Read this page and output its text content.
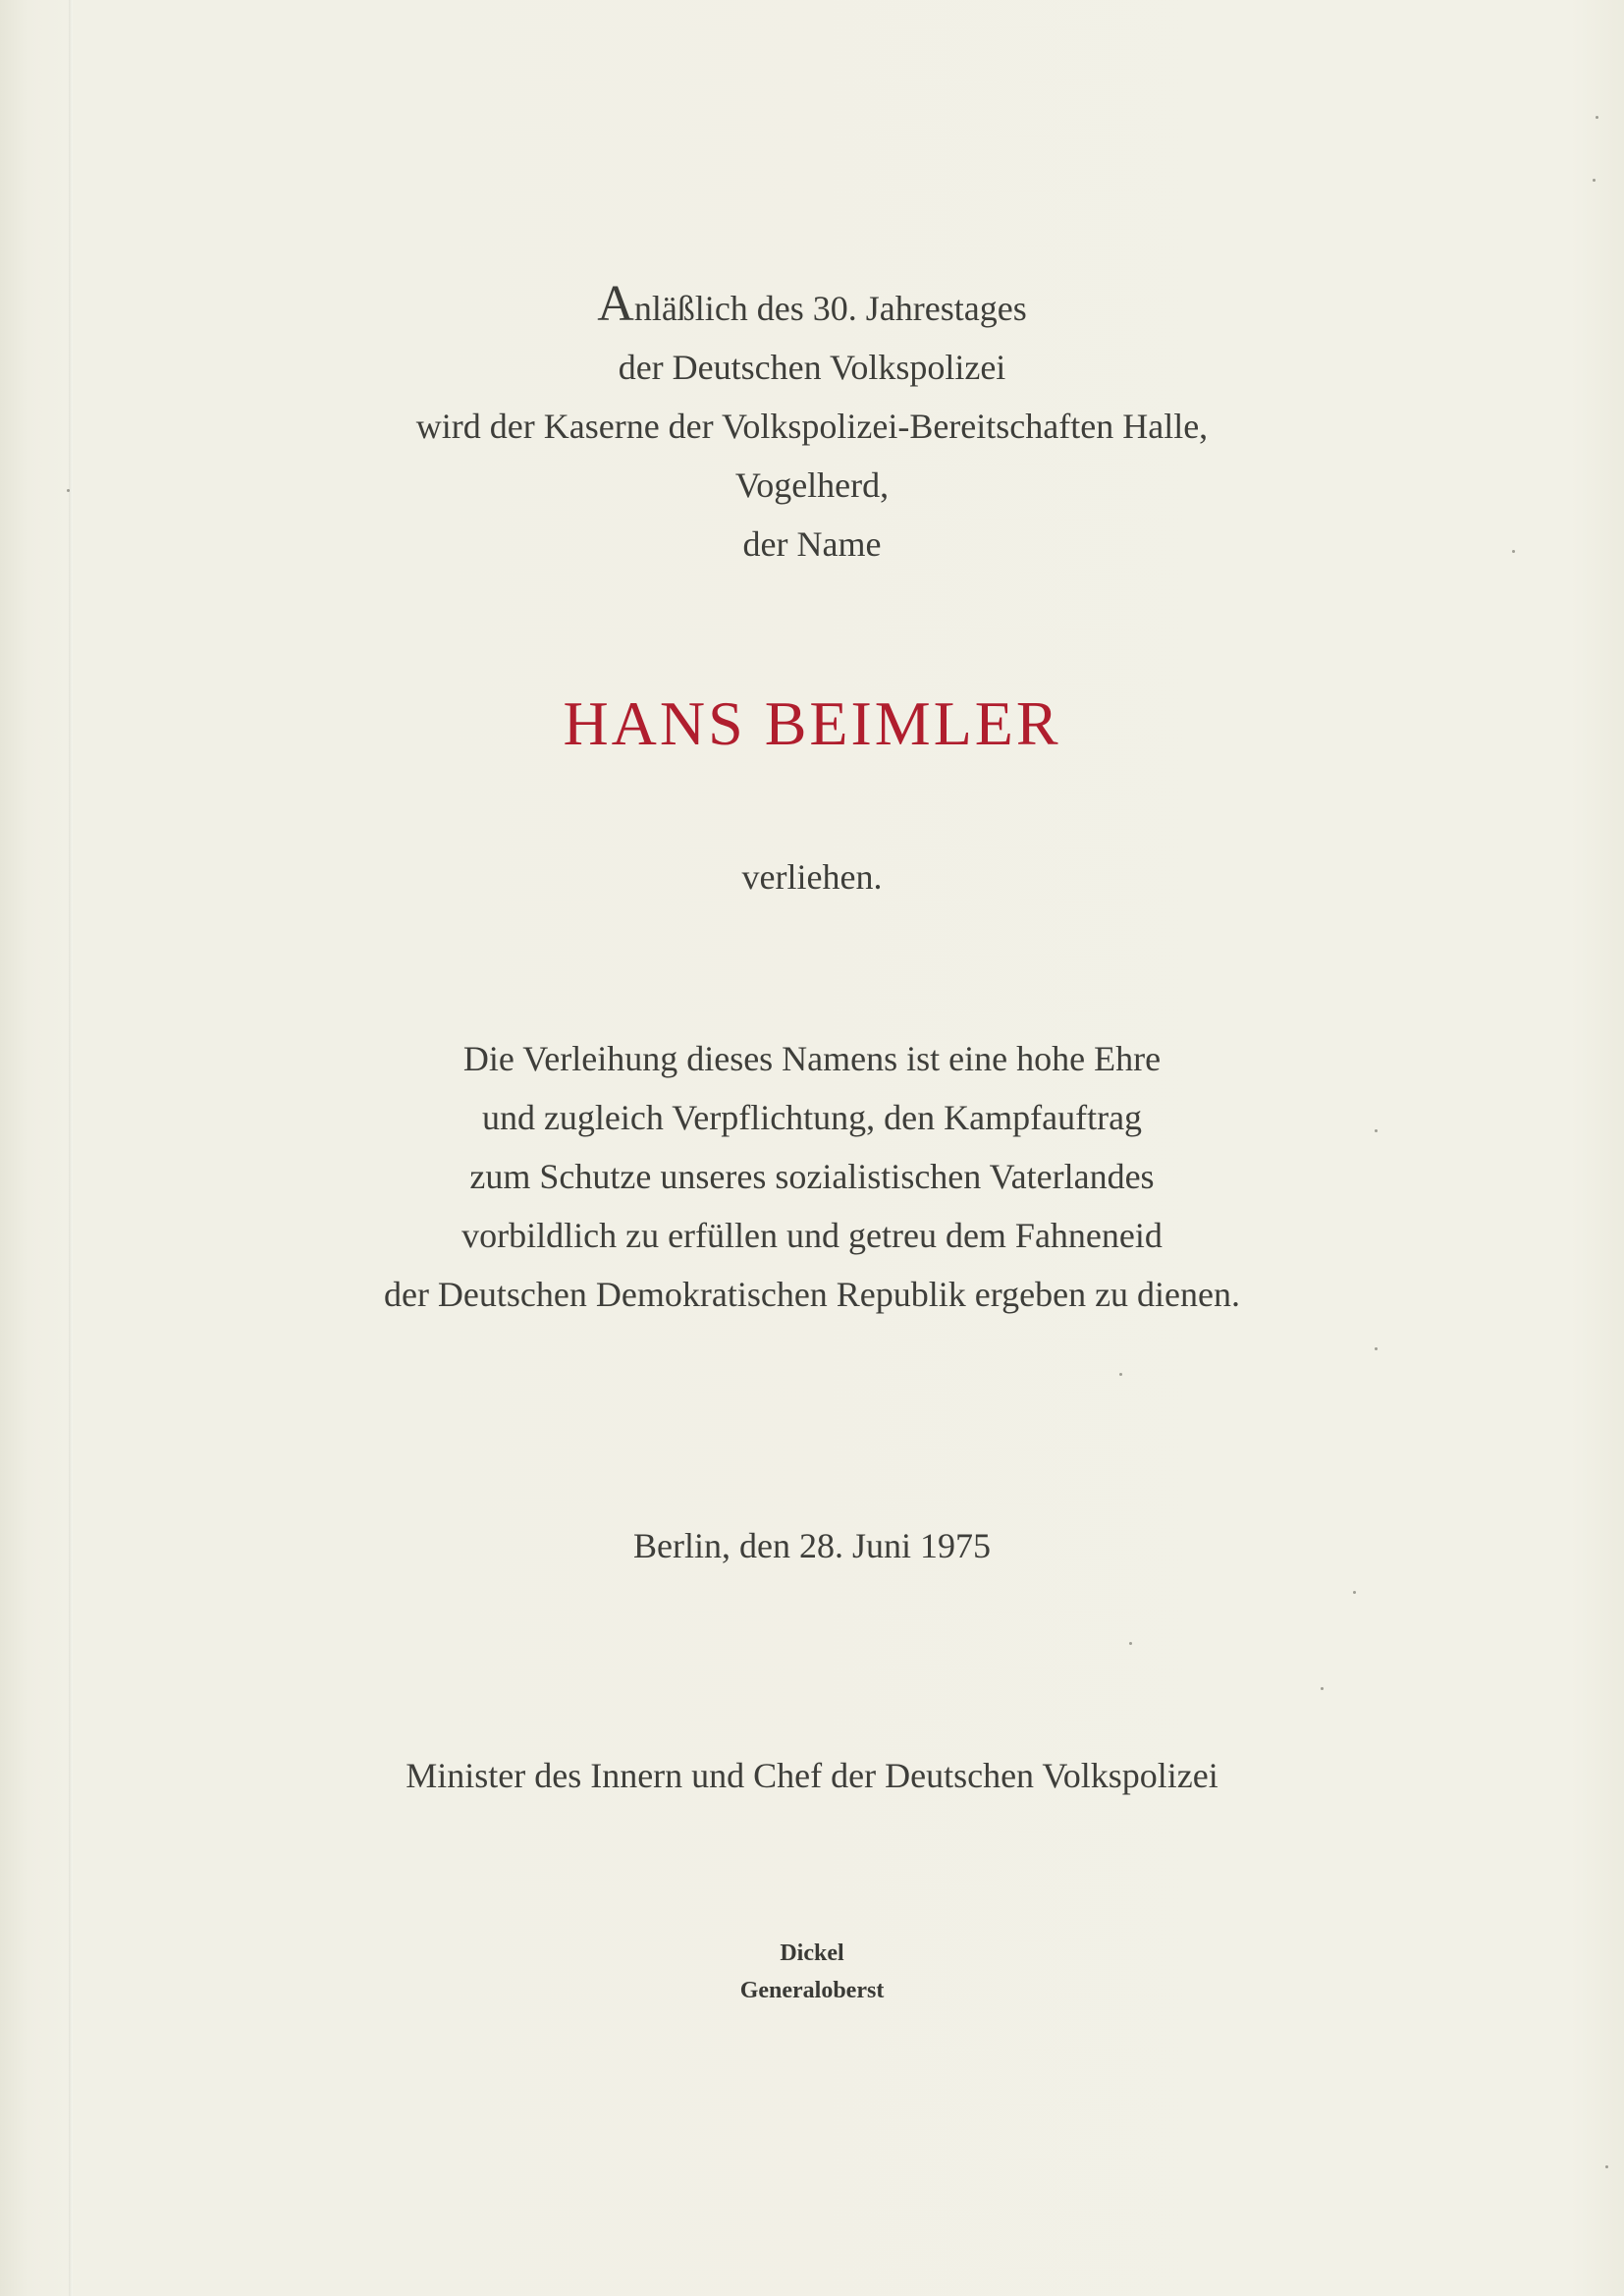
Anläßlich des 30. Jahrestages
der Deutschen Volkspolizei
wird der Kaserne der Volkspolizei-Bereitschaften Halle,
Vogelherd,
der Name
HANS BEIMLER
verliehen.
Die Verleihung dieses Namens ist eine hohe Ehre
und zugleich Verpflichtung, den Kampfauftrag
zum Schutze unseres sozialistischen Vaterlandes
vorbildlich zu erfüllen und getreu dem Fahneneid
der Deutschen Demokratischen Republik ergeben zu dienen.
Berlin, den 28. Juni 1975
Minister des Innern und Chef der Deutschen Volkspolizei
Dickel
Generaloberst
